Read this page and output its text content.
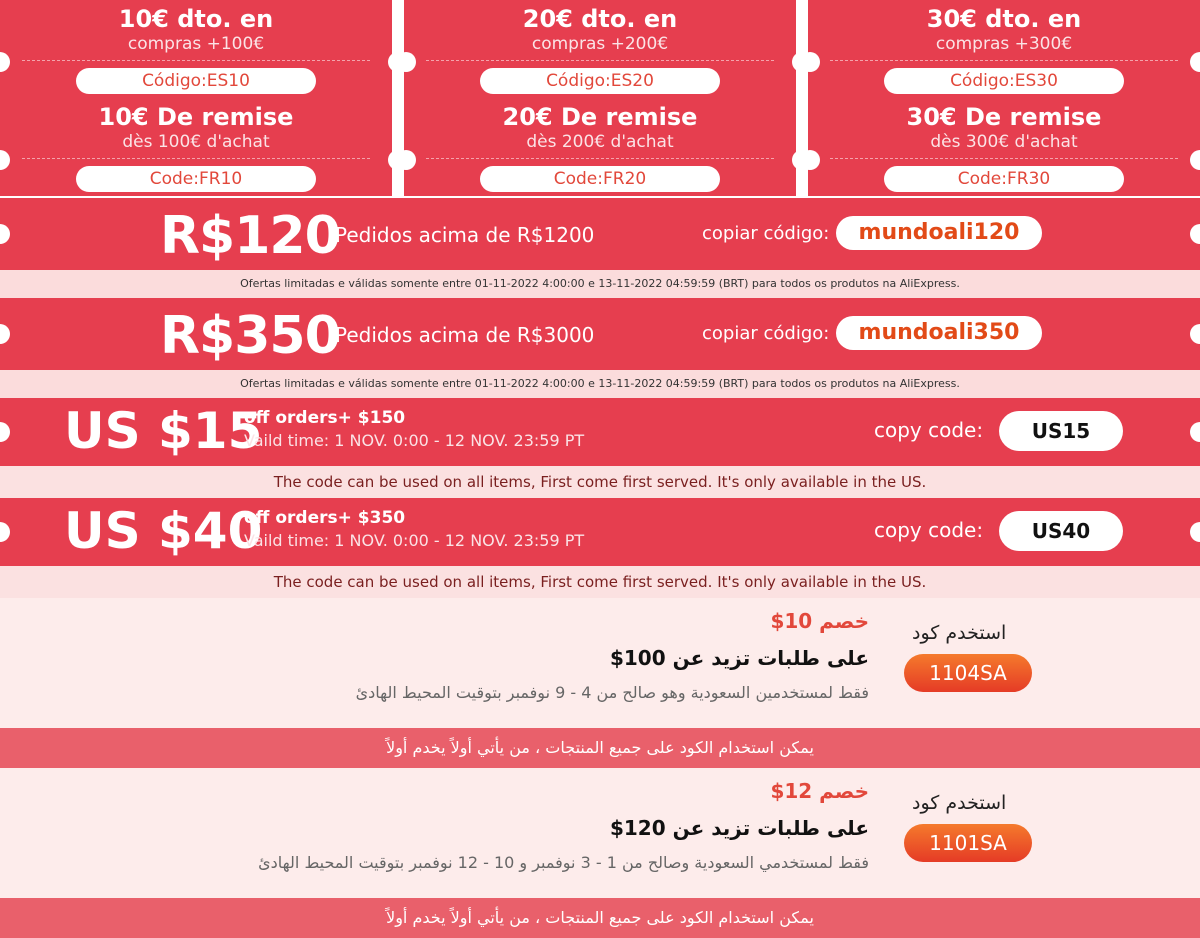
10€ dto. en
compras +100€
Código:ES10
10€ De remise
dès 100€ d'achat
Code:FR10
20€ dto. en
compras +200€
Código:ES20
20€ De remise
dès 200€ d'achat
Code:FR20
30€ dto. en
compras +300€
Código:ES30
30€ De remise
dès 300€ d'achat
Code:FR30
R$120
Pedidos acima de R$1200	copiar código:	mundoali120
Ofertas limitadas e válidas somente entre 01-11-2022 4:00:00 e 13-11-2022 04:59:59 (BRT) para todos os produtos na AliExpress.
R$350
Pedidos acima de R$3000	copiar código:	mundoali350
Ofertas limitadas e válidas somente entre 01-11-2022 4:00:00 e 13-11-2022 04:59:59 (BRT) para todos os produtos na AliExpress.
US $15
off orders+ $150
Vaild time: 1 NOV. 0:00 - 12 NOV. 23:59 PT	copy code:	US15
The code can be used on all items, First come first served. It's only available in the US.
US $40
off orders+ $350
Vaild time: 1 NOV. 0:00 - 12 NOV. 23:59 PT	copy code:	US40
The code can be used on all items, First come first served. It's only available in the US.
خصم 10$
على طلبات تزيد عن 100$
فقط لمستخدمين السعودية وهو صالح من 4 - 9 نوفمبر بتوقيت المحيط الهادئ
استخدم كود
1104SA
يمكن استخدام الكود على جميع المنتجات ، من يأتي أولاً يخدم أولاً
خصم 12$
على طلبات تزيد عن 120$
فقط لمستخدمي السعودية وصالح من 1 - 3 نوفمبر و 10 - 12 نوفمبر بتوقيت المحيط الهادئ
استخدم كود
1101SA
يمكن استخدام الكود على جميع المنتجات ، من يأتي أولاً يخدم أولاً
